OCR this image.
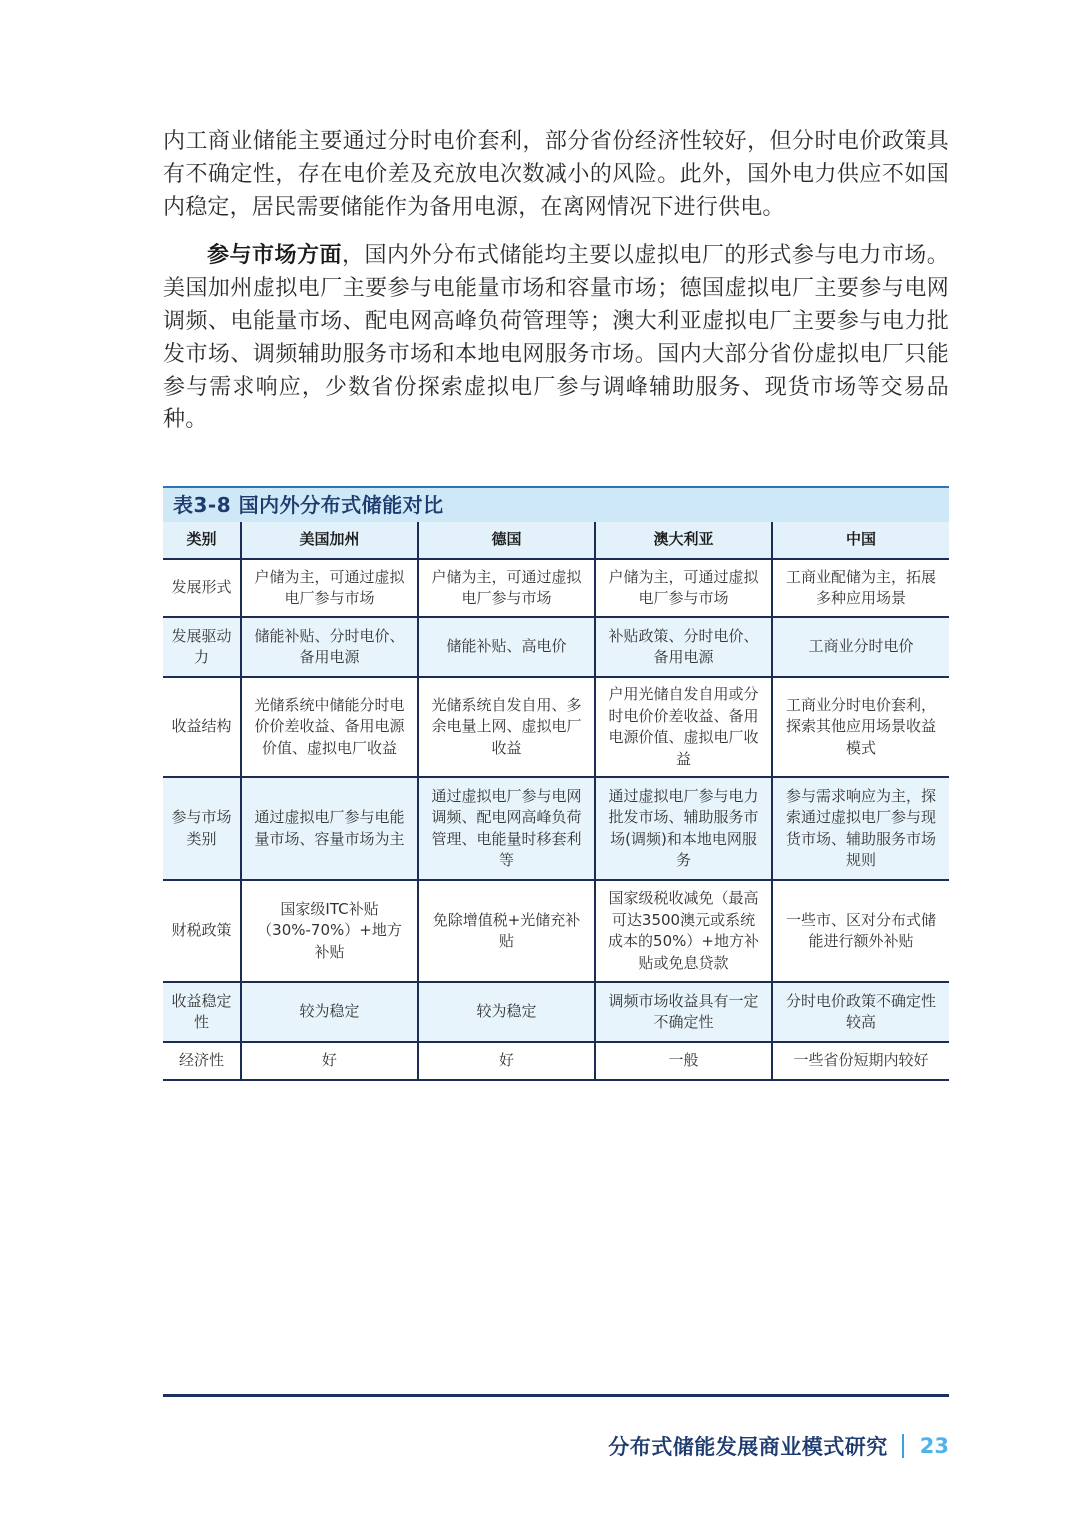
内工商业储能主要通过分时电价套利，部分省份经济性较好，但分时电价政策具有不确定性，存在电价差及充放电次数减小的风险。此外，国外电力供应不如国内稳定，居民需要储能作为备用电源，在离网情况下进行供电。

参与市场方面，国内外分布式储能均主要以虚拟电厂的形式参与电力市场。美国加州虚拟电厂主要参与电能量市场和容量市场；德国虚拟电厂主要参与电网调频、电能量市场、配电网高峰负荷管理等；澳大利亚虚拟电厂主要参与电力批发市场、调频辅助服务市场和本地电网服务市场。国内大部分省份虚拟电厂只能参与需求响应，少数省份探索虚拟电厂参与调峰辅助服务、现货市场等交易品种。

表3-8 国内外分布式储能对比
类别	美国加州	德国	澳大利亚	中国
发展形式	户储为主，可通过虚拟电厂参与市场	户储为主，可通过虚拟电厂参与市场	户储为主，可通过虚拟电厂参与市场	工商业配储为主，拓展多种应用场景
发展驱动力	储能补贴、分时电价、备用电源	储能补贴、高电价	补贴政策、分时电价、备用电源	工商业分时电价
收益结构	光储系统中储能分时电价价差收益、备用电源价值、虚拟电厂收益	光储系统自发自用、多余电量上网、虚拟电厂收益	户用光储自发自用或分时电价价差收益、备用电源价值、虚拟电厂收益	工商业分时电价套利，探索其他应用场景收益模式
参与市场类别	通过虚拟电厂参与电能量市场、容量市场为主	通过虚拟电厂参与电网调频、配电网高峰负荷管理、电能量时移套利等	通过虚拟电厂参与电力批发市场、辅助服务市场(调频)和本地电网服务	参与需求响应为主，探索通过虚拟电厂参与现货市场、辅助服务市场规则
财税政策	国家级ITC补贴（30%-70%）+地方补贴	免除增值税+光储充补贴	国家级税收减免（最高可达3500澳元或系统成本的50%）+地方补贴或免息贷款	一些市、区对分布式储能进行额外补贴
收益稳定性	较为稳定	较为稳定	调频市场收益具有一定不确定性	分时电价政策不确定性较高
经济性	好	好	一般	一些省份短期内较好
分布式储能发展商业模式研究 23
